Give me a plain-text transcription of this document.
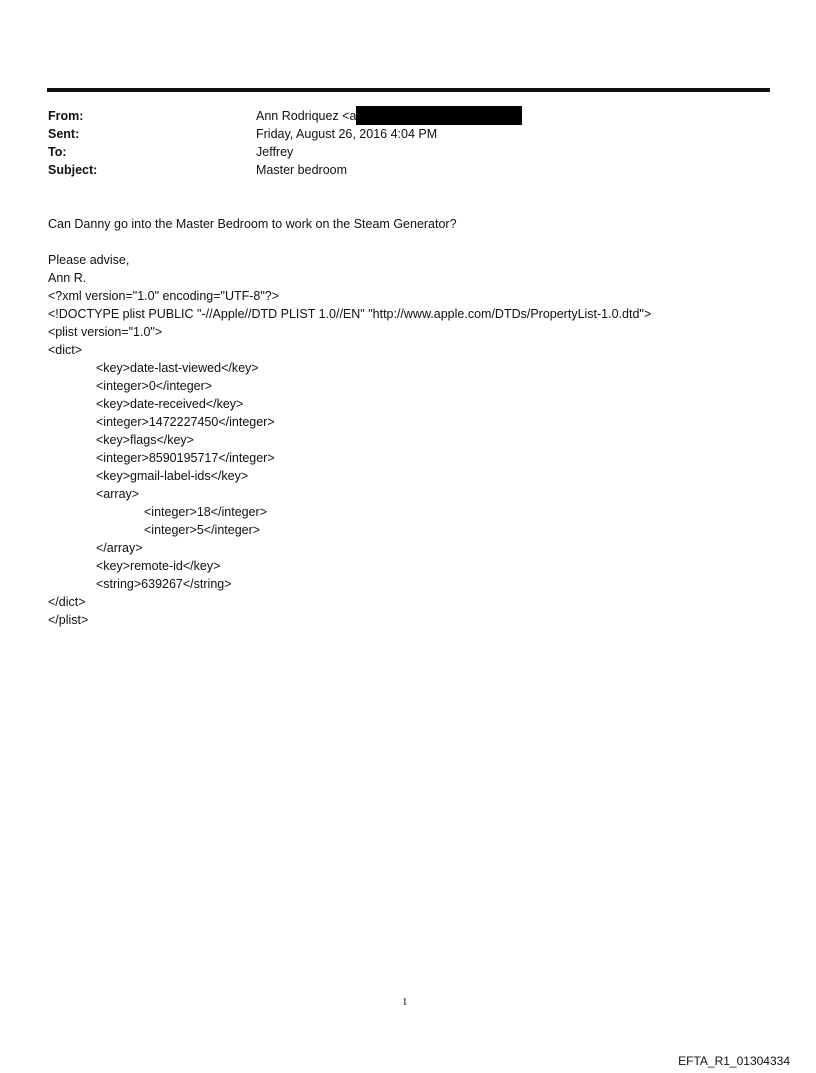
From:	Ann Rodriquez <a
Sent:	Friday, August 26, 2016 4:04 PM
To:	Jeffrey
Subject:	Master bedroom
Can Danny go into the Master Bedroom to work on the Steam Generator?
Please advise,
Ann R.
<?xml version="1.0" encoding="UTF-8"?>
<!DOCTYPE plist PUBLIC "-//Apple//DTD PLIST 1.0//EN" "http://www.apple.com/DTDs/PropertyList-1.0.dtd">
<plist version="1.0">
<dict>
<key>date-last-viewed</key>
<integer>0</integer>
<key>date-received</key>
<integer>1472227450</integer>
<key>flags</key>
<integer>8590195717</integer>
<key>gmail-label-ids</key>
<array>
<integer>18</integer>
<integer>5</integer>
</array>
<key>remote-id</key>
<string>639267</string>
</dict>
</plist>
1
EFTA_R1_01304334
